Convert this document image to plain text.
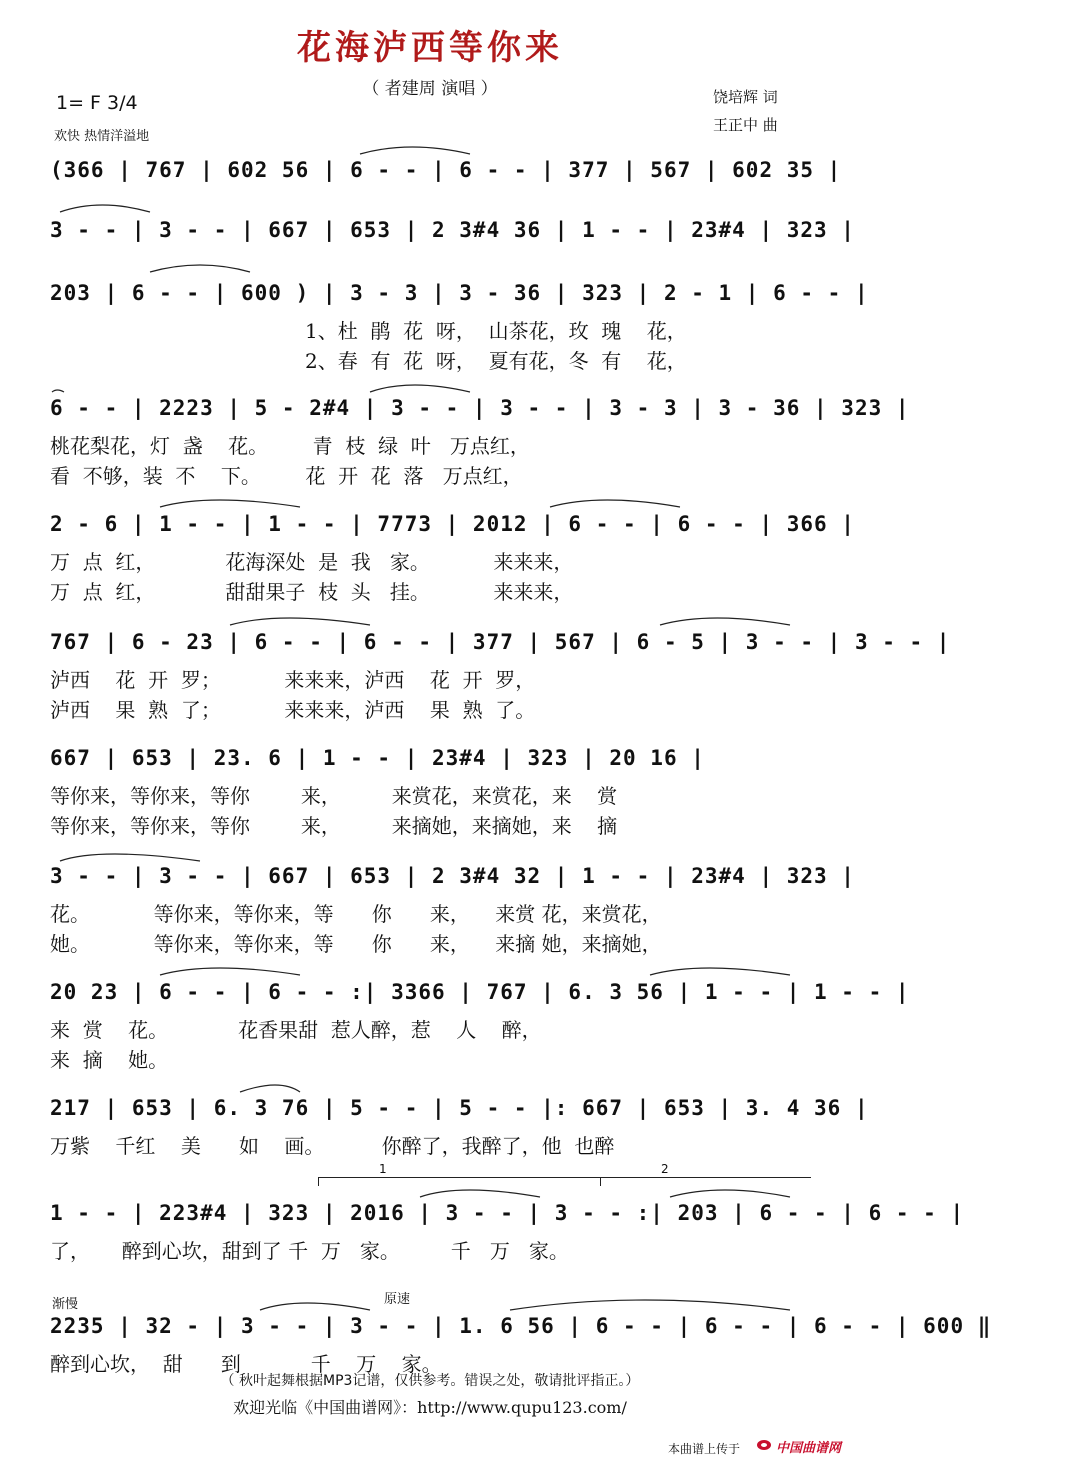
花海泸西等你来
（ 者建周 演唱 ）
1= F 3/4
欢快 热情洋溢地
饶培辉 词
王正中 曲
(366 | 767 | 602 56 | 6 - - | 6 - - | 377 | 567 | 602 35 |
3 - - | 3 - - | 667 | 653 | 2 3#4 36 | 1 - - | 23#4 | 323 |
203 | 6 - - | 600 ) | 3 - 3 | 3 - 36 | 323 | 2 - 1 | 6 - - |
1、杜  鹃  花  呀，  山茶花，玫  瑰    花，
2、春  有  花  呀，  夏有花，冬  有    花，
6 - - | 2223 | 5 - 2#4 | 3 - - | 3 - - | 3 - 3 | 3 - 36 | 323 |
桃花梨花，灯  盏    花。       青  枝  绿  叶   万点红，
看  不够，装  不    下。       花  开  花  落   万点红，
2 - 6 | 1 - - | 1 - - | 7773 | 2012 | 6 - - | 6 - - | 366 |
万  点  红，           花海深处  是  我   家。          来来来，
万  点  红，           甜甜果子  枝  头   挂。          来来来，
767 | 6 - 23 | 6 - - | 6 - - | 377 | 567 | 6 - 5 | 3 - - | 3 - - |
泸西    花  开  罗；          来来来，泸西    花  开  罗，
泸西    果  熟  了；          来来来，泸西    果  熟  了。
667 | 653 | 23. 6 | 1 - - | 23#4 | 323 | 20 16 |
等你来，等你来，等你        来，        来赏花，来赏花，来    赏
等你来，等你来，等你        来，        来摘她，来摘她，来    摘
3 - - | 3 - - | 667 | 653 | 2 3#4 32 | 1 - - | 23#4 | 323 |
花。          等你来，等你来，等      你      来，    来赏 花，来赏花，
她。          等你来，等你来，等      你      来，    来摘 她，来摘她，
20 23 | 6 - - | 6 - - :| 3366 | 767 | 6. 3 56 | 1 - - | 1 - - |
来  赏    花。           花香果甜  惹人醉，惹    人    醉，
来  摘    她。
217 | 653 | 6. 3 76 | 5 - - | 5 - - |: 667 | 653 | 3. 4 36 |
万紫    千红    美      如    画。         你醉了，我醉了，他  也醉
1 - - | 223#4 | 323 | 2016 | 3 - - | 3 - - :| 203 | 6 - - | 6 - - |
了，     醉到心坎，甜到了 千  万   家。        千   万   家。
2235 | 32 - | 3 - - | 3 - - | 1. 6 56 | 6 - - | 6 - - | 6 - - | 600 ‖
醉到心坎，  甜      到           千    万    家。
渐慢	原速
1	2
（ 秋叶起舞根据MP3记谱，仅供参考。错误之处，敬请批评指正。）
欢迎光临《中国曲谱网》：http://www.qupu123.com/
本曲谱上传于	中国曲谱网
